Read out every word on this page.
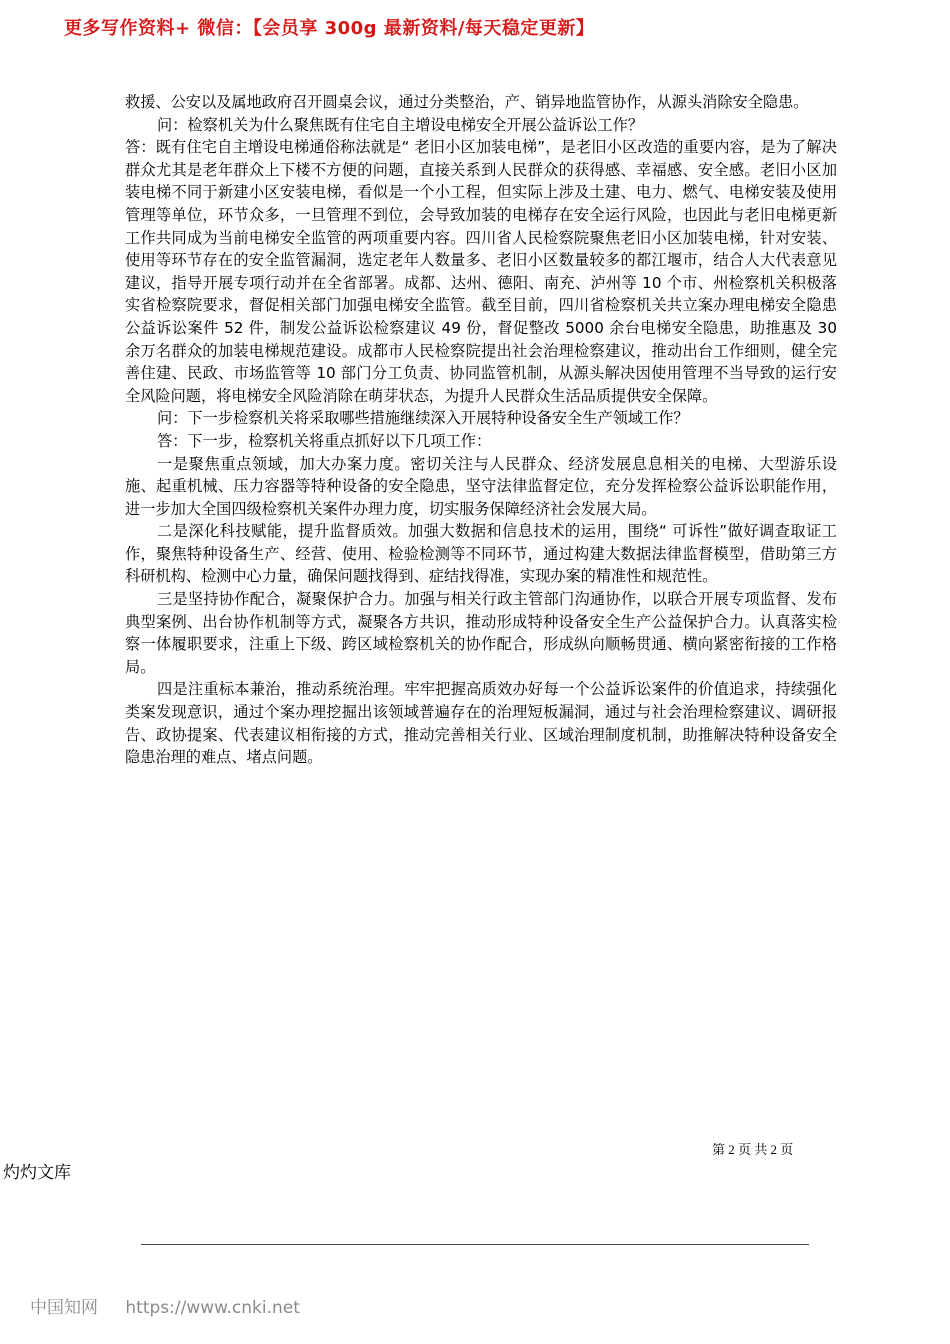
更多写作资料+ 微信：【会员享 300g 最新资料/每天稳定更新】

救援、公安以及属地政府召开圆桌会议，通过分类整治，产、销异地监管协作，从源头消除安全隐患。

问：检察机关为什么聚焦既有住宅自主增设电梯安全开展公益诉讼工作？

答：既有住宅自主增设电梯通俗称法就是“ 老旧小区加装电梯”，是老旧小区改造的重要内容，是为了解决群众尤其是老年群众上下楼不方便的问题，直接关系到人民群众的获得感、幸福感、安全感。老旧小区加装电梯不同于新建小区安装电梯，看似是一个小工程，但实际上涉及土建、电力、燃气、电梯安装及使用管理等单位，环节众多，一旦管理不到位，会导致加装的电梯存在安全运行风险，也因此与老旧电梯更新工作共同成为当前电梯安全监管的两项重要内容。四川省人民检察院聚焦老旧小区加装电梯，针对安装、使用等环节存在的安全监管漏洞，选定老年人数量多、老旧小区数量较多的都江堰市，结合人大代表意见建议，指导开展专项行动并在全省部署。成都、达州、德阳、南充、泸州等 10 个市、州检察机关积极落实省检察院要求，督促相关部门加强电梯安全监管。截至目前，四川省检察机关共立案办理电梯安全隐患公益诉讼案件 52 件，制发公益诉讼检察建议 49 份，督促整改 5000 余台电梯安全隐患，助推惠及 30 余万名群众的加装电梯规范建设。成都市人民检察院提出社会治理检察建议，推动出台工作细则，健全完善住建、民政、市场监管等 10 部门分工负责、协同监管机制，从源头解决因使用管理不当导致的运行安全风险问题，将电梯安全风险消除在萌芽状态，为提升人民群众生活品质提供安全保障。

问：下一步检察机关将采取哪些措施继续深入开展特种设备安全生产领域工作？

答：下一步，检察机关将重点抓好以下几项工作：

一是聚焦重点领域，加大办案力度。密切关注与人民群众、经济发展息息相关的电梯、大型游乐设施、起重机械、压力容器等特种设备的安全隐患，坚守法律监督定位，充分发挥检察公益诉讼职能作用，进一步加大全国四级检察机关案件办理力度，切实服务保障经济社会发展大局。

二是深化科技赋能，提升监督质效。加强大数据和信息技术的运用，围绕“ 可诉性”做好调查取证工作，聚焦特种设备生产、经营、使用、检验检测等不同环节，通过构建大数据法律监督模型，借助第三方科研机构、检测中心力量，确保问题找得到、症结找得准，实现办案的精准性和规范性。

三是坚持协作配合，凝聚保护合力。加强与相关行政主管部门沟通协作，以联合开展专项监督、发布典型案例、出台协作机制等方式，凝聚各方共识，推动形成特种设备安全生产公益保护合力。认真落实检察一体履职要求，注重上下级、跨区域检察机关的协作配合，形成纵向顺畅贯通、横向紧密衔接的工作格局。

四是注重标本兼治，推动系统治理。牢牢把握高质效办好每一个公益诉讼案件的价值追求，持续强化类案发现意识，通过个案办理挖掘出该领域普遍存在的治理短板漏洞，通过与社会治理检察建议、调研报告、政协提案、代表建议相衔接的方式，推动完善相关行业、区域治理制度机制，助推解决特种设备安全隐患治理的难点、堵点问题。

第 2 页 共 2 页
灼灼文库
中国知网 https://www.cnki.net
